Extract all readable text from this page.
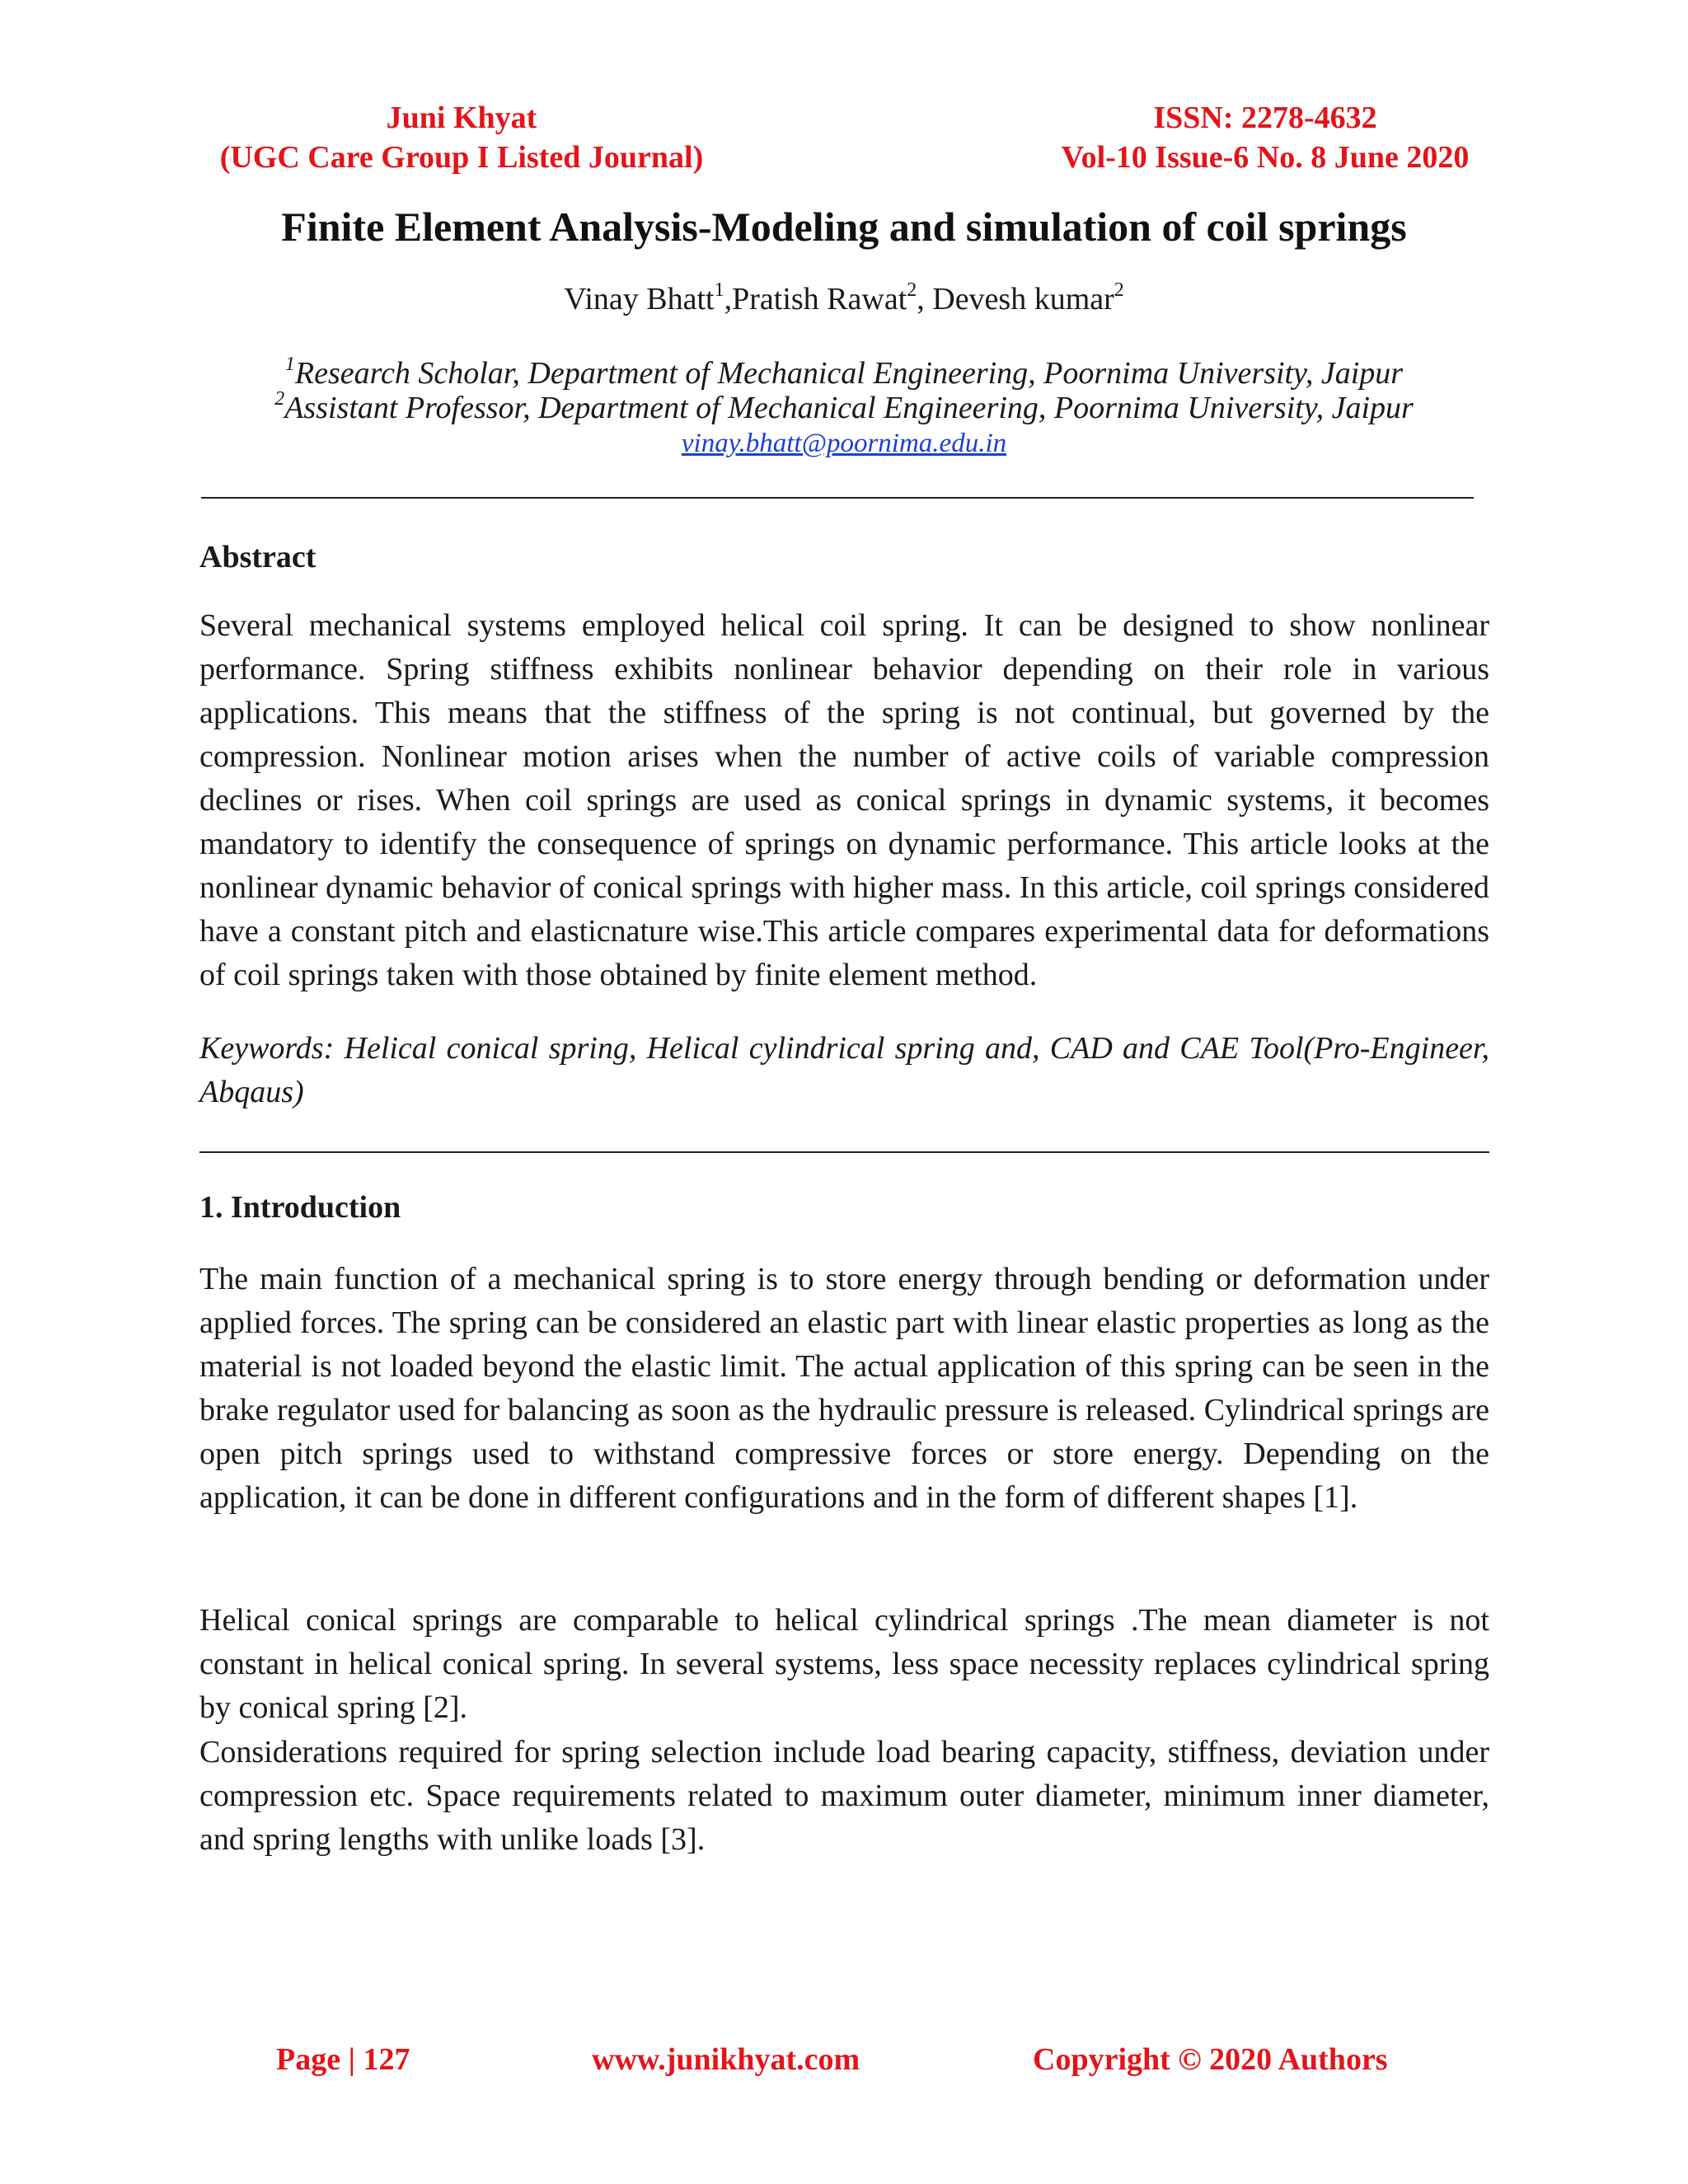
Juni Khyat
(UGC Care Group I Listed Journal)
ISSN: 2278-4632
Vol-10 Issue-6 No. 8 June 2020
Finite Element Analysis-Modeling and simulation of coil springs
Vinay Bhatt$^1$,Pratish Rawat$^2$, Devesh kumar$^2$
$^1$Research Scholar, Department of Mechanical Engineering, Poornima University, Jaipur
$^2$Assistant Professor, Department of Mechanical Engineering, Poornima University, Jaipur
vinay.bhatt@poornima.edu.in
Abstract

Several mechanical systems employed helical coil spring. It can be designed to show nonlinear performance. Spring stiffness exhibits nonlinear behavior depending on their role in various applications. This means that the stiffness of the spring is not continual, but governed by the compression. Nonlinear motion arises when the number of active coils of variable compression declines or rises. When coil springs are used as conical springs in dynamic systems, it becomes mandatory to identify the consequence of springs on dynamic performance. This article looks at the nonlinear dynamic behavior of conical springs with higher mass. In this article, coil springs considered have a constant pitch and elasticnature wise.This article compares experimental data for deformations of coil springs taken with those obtained by finite element method.

Keywords: Helical conical spring, Helical cylindrical spring and, CAD and CAE Tool(Pro-Engineer, Abqaus)

1. Introduction

The main function of a mechanical spring is to store energy through bending or deformation under applied forces. The spring can be considered an elastic part with linear elastic properties as long as the material is not loaded beyond the elastic limit. The actual application of this spring can be seen in the brake regulator used for balancing as soon as the hydraulic pressure is released. Cylindrical springs are open pitch springs used to withstand compressive forces or store energy. Depending on the application, it can be done in different configurations and in the form of different shapes [1].

Helical conical springs are comparable to helical cylindrical springs .The mean diameter is not constant in helical conical spring. In several systems, less space necessity replaces cylindrical spring by conical spring [2].

Considerations required for spring selection include load bearing capacity, stiffness, deviation under compression etc. Space requirements related to maximum outer diameter, minimum inner diameter, and spring lengths with unlike loads [3].

Page | 127	www.junikhyat.com	Copyright © 2020 Authors
